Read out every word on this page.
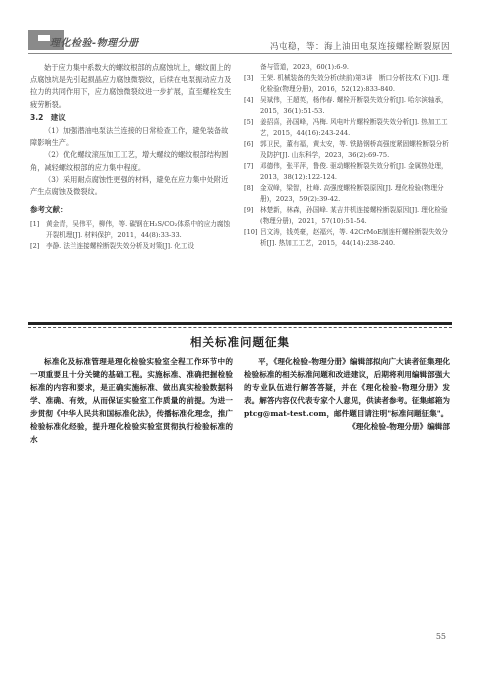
理化检验-物理分册	冯屯稳，等：海上油田电泵连接螺栓断裂原因

始于应力集中系数大的螺纹根部的点腐蚀坑上，螺纹面上的点腐蚀坑是先引起损晶应力腐蚀微裂纹，后续在电泵振动应力及拉力的共同作用下，应力腐蚀微裂纹进一步扩展，直至螺栓发生疲劳断裂。

3.2　建议

（1）加强潜油电泵法兰连接的日常检查工作，避免装备故障影响生产。

（2）优化螺纹滚压加工工艺，增大螺纹的螺纹根部结构圆角，减轻螺纹根部的应力集中程度。

（3）采用耐点腐蚀性更强的材料，避免在应力集中处附近产生点腐蚀及微裂纹。

参考文献：
[1]	黄金青，吴伟平，柳伟，等. 碳钢在H₂S/CO₂体系中的应力腐蚀开裂机理[J]. 材料保护，2011，44(8):33-33.
[2]	李静. 法兰连接螺栓断裂失效分析及对策[J]. 化工设
备与管道，2023，60(1):6-9.
[3]	王荣. 机械装备的失效分析(续前)第3讲　断口分析技术(下)[J]. 理化检验(物理分册)，2016，52(12):833-840.
[4]	吴斌伟，王超英，杨伟春. 螺栓开断裂失效分析[J]. 哈尔滨轴承，2015，36(1):51-53.
[5]	姜招喜，孙国峰，冯梅. 风电叶片螺栓断裂失效分析[J]. 热加工工艺，2015，44(16):243-244.
[6]	郭卫民，董有福，黄太安，等. 铁路钢桥高强度紧固螺栓断裂分析及防护[J]. 山东科学，2023，36(2):69-75.
[7]	邓德伟，张平萍，鲁俊. 驱动螺栓断裂失效分析[J]. 金属热处理，2013，38(12):122-124.
[8]	金双峰，梁智，杜峰. 高强度螺栓断裂原因[J]. 理化检验(物理分册)，2023，59(2):39-42.
[9]	林楚新，林森，孙国峰. 某吉井机连接螺栓断裂原因[J]. 理化检验(物理分册)，2021，57(10):51-54.
[10] 吕文涛，钱英豪，赵福兴，等. 42CrMoE制连杆螺栓断裂失效分析[J]. 热加工工艺，2015，44(14):238-240.
相关标准问题征集

标准化及标准管理是理化检验实验室全程工作环节中的一项重要且十分关键的基础工程。实施标准、准确把握检验标准的内容和要求，是正确实施标准、做出真实检验数据科学、准确、有效，从而保证实验室工作质量的前提。为进一步贯彻《中华人民共和国标准化法》，传播标准化理念，推广检验标准化经验，提升理化检验实验室贯彻执行检验标准的水

平，《理化检验-物理分册》编辑部拟向广大读者征集理化检验标准的相关标准问题和改进建议，后期将利用编辑部强大的专业队伍进行解答答疑，并在《理化检验-物理分册》发表。解答内容仅代表专家个人意见，供读者参考。征集邮箱为 ptcg@mat-test.com，邮件题目请注明"标准问题征集"。

《理化检验-物理分册》编辑部

55
